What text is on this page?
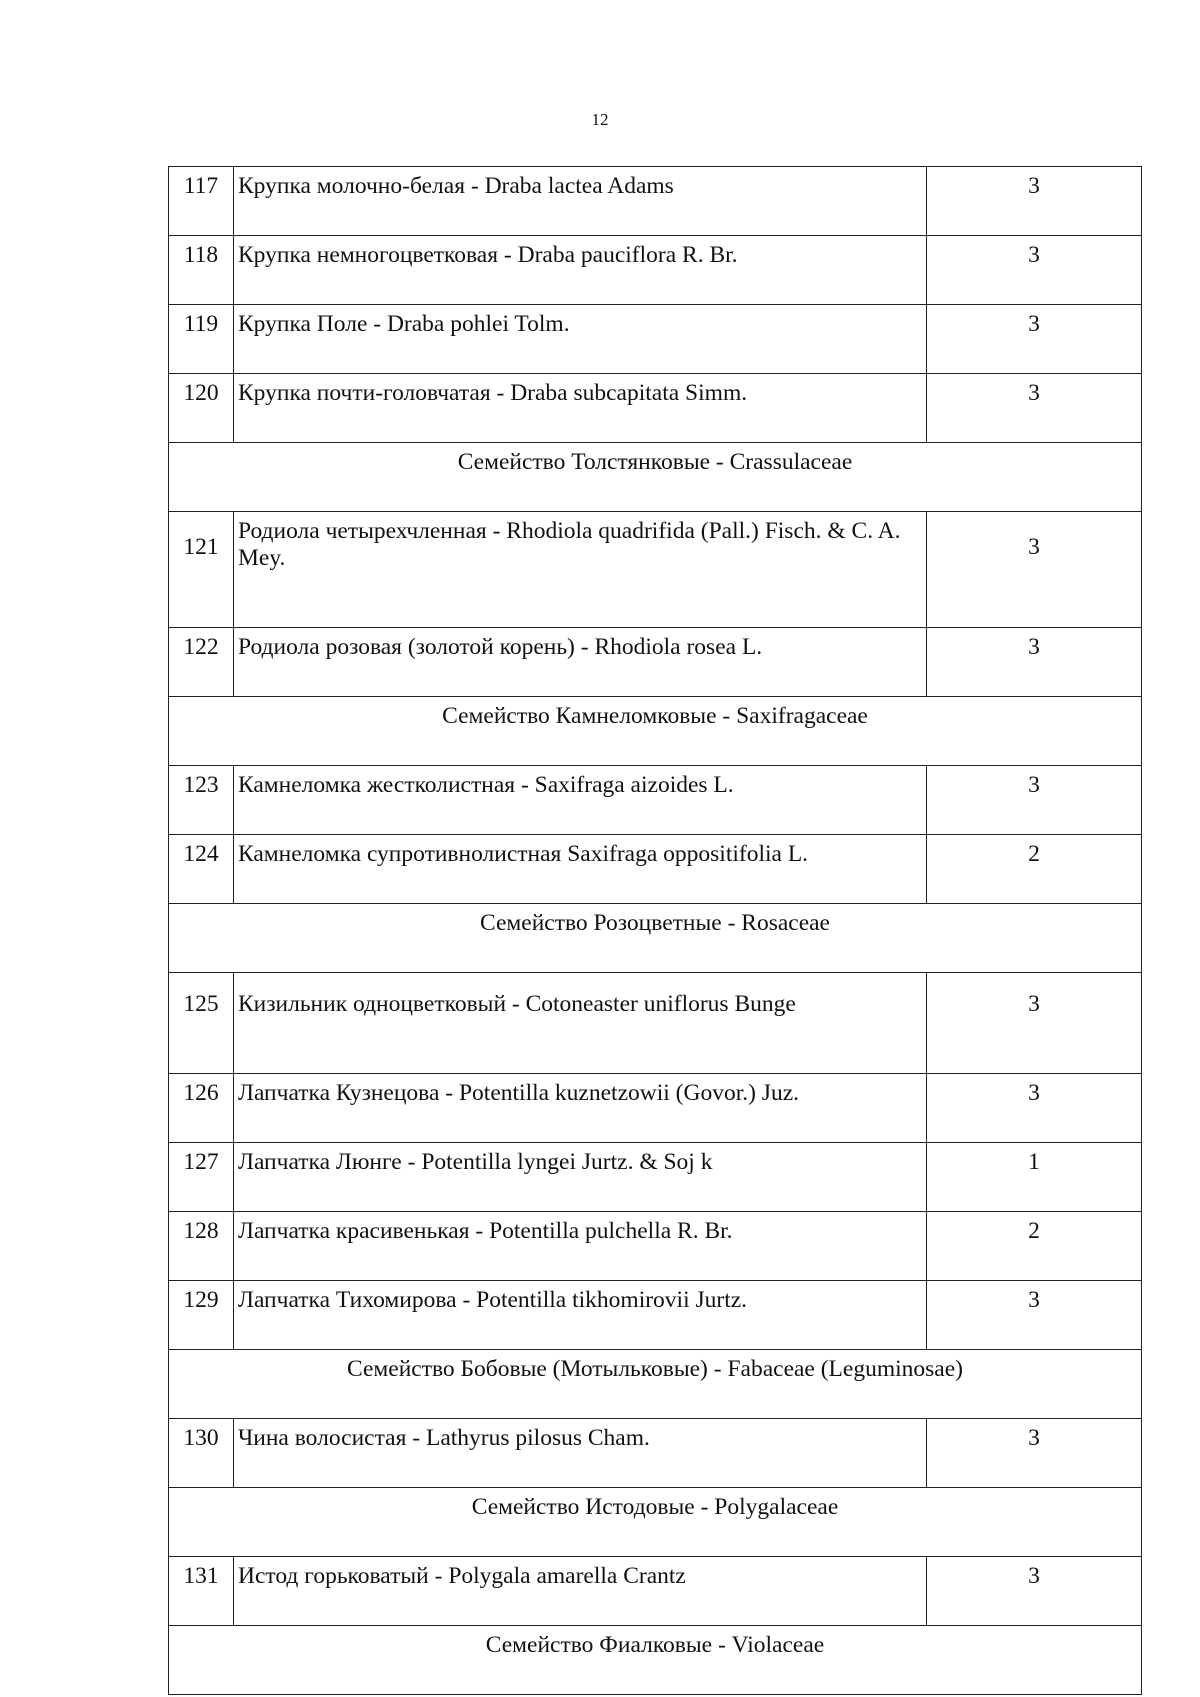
12
117	Крупка молочно-белая - Draba lactea Adams	3
118	Крупка немногоцветковая - Draba pauciflora R. Br.	3
119	Крупка Поле - Draba pohlei Tolm.	3
120	Крупка почти-головчатая - Draba subcapitata Simm.	3
Семейство Толстянковые - Crassulaceae		
121	Родиола четырехчленная - Rhodiola quadrifida (Pall.) Fisch. & C. A. Mey.	3
122	Родиола розовая (золотой корень) - Rhodiola rosea L.	3
Семейство Камнеломковые - Saxifragaceae		
123	Камнеломка жестколистная - Saxifraga aizoides L.	3
124	Камнеломка супротивнолистная Saxifraga oppositifolia L.	2
Семейство Розоцветные - Rosaceae		
125	Кизильник одноцветковый - Cotoneaster uniflorus Bunge	3
126	Лапчатка Кузнецова - Potentilla kuznetzowii (Govor.) Juz.	3
127	Лапчатка Люнге - Potentilla lyngei Jurtz. & Soj k	1
128	Лапчатка красивенькая - Potentilla pulchella R. Br.	2
129	Лапчатка Тихомирова - Potentilla tikhomirovii Jurtz.	3
Семейство Бобовые (Мотыльковые) - Fabaceae (Leguminosae)		
130	Чина волосистая - Lathyrus pilosus Cham.	3
Семейство Истодовые - Polygalaceae		
131	Истод горьковатый - Polygala amarella Crantz	3
Семейство Фиалковые - Violaceae		
